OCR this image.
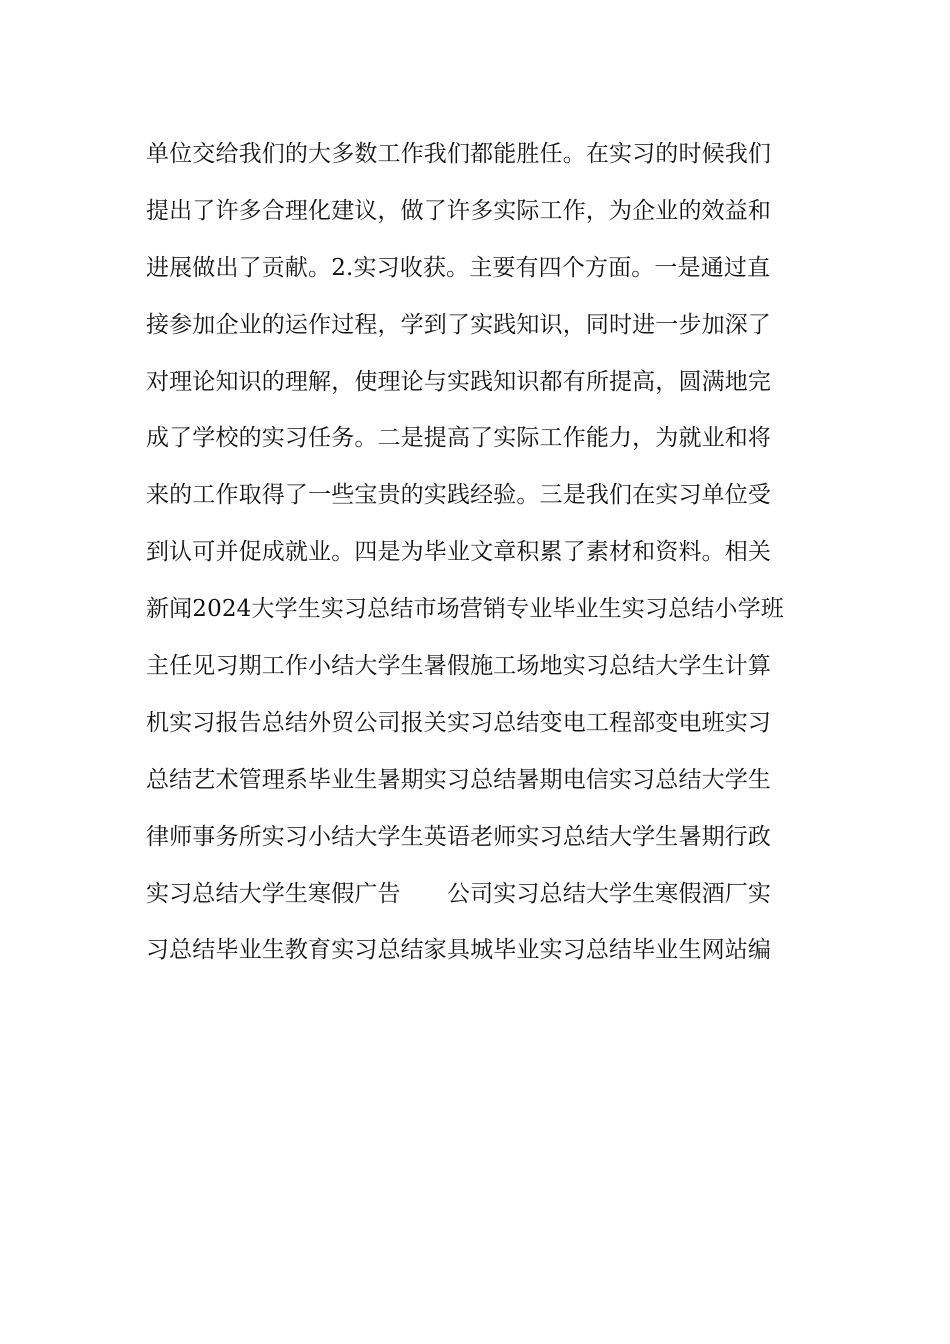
单位交给我们的大多数工作我们都能胜任。在实习的时候我们
提出了许多合理化建议，做了许多实际工作，为企业的效益和
进展做出了贡献。2.实习收获。主要有四个方面。一是通过直
接参加企业的运作过程，学到了实践知识，同时进一步加深了
对理论知识的理解，使理论与实践知识都有所提高，圆满地完
成了学校的实习任务。二是提高了实际工作能力，为就业和将
来的工作取得了一些宝贵的实践经验。三是我们在实习单位受
到认可并促成就业。四是为毕业文章积累了素材和资料。相关
新闻2024大学生实习总结市场营销专业毕业生实习总结小学班
主任见习期工作小结大学生暑假施工场地实习总结大学生计算
机实习报告总结外贸公司报关实习总结变电工程部变电班实习
总结艺术管理系毕业生暑期实习总结暑期电信实习总结大学生
律师事务所实习小结大学生英语老师实习总结大学生暑期行政
实习总结大学生寒假广告　　公司实习总结大学生寒假酒厂实
习总结毕业生教育实习总结家具城毕业实习总结毕业生网站编
